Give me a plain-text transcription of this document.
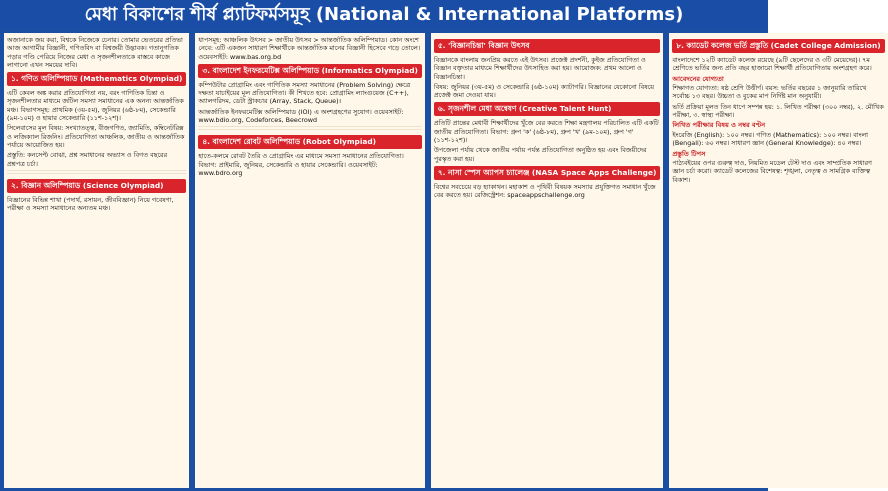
মেধা বিকাশের শীর্ষ প্ল্যাটফর্মসমূহ (National & International Platforms)

অজানাকে জয় করা, বিশ্বকে নিজেকে চেনার। তোমার ভেতরের প্রতিভা আজ আগামীর বিজ্ঞানী, গণিতবিদ বা বিশ্বজয়ী উদ্ভাবক। গতানুগতিক পড়ার গণ্ডি পেরিয়ে নিজের মেধা ও সৃজনশীলতাকে বাস্তবে কাজে লাগানো এখন সময়ের দাবি।

১. গণিত অলিম্পিয়াড (Mathematics Olympiad)

এটি কেবল অঙ্ক করার প্রতিযোগিতা নয়, বরং গাণিতিক চিন্তা ও সৃজনশীলতার মাধ্যমে জটিল সমস্যা সমাধানের এক অনন্য আন্তর্জাতিক মঞ্চ। বিভাগসমূহ: প্রাথমিক (৩য়-৫ম), জুনিয়র (৬ষ্ঠ-৮ম), সেকেন্ডারি (৯ম-১০ম) ও হায়ার সেকেন্ডারি (১১শ-১২শ)।

সিলেবাসের মূল বিষয়: সংখ্যাতত্ত্ব, বীজগণিত, জ্যামিতি, কম্বিনেটরিক্স ও লজিক্যাল রিজনিং। প্রতিযোগিতা আঞ্চলিক, জাতীয় ও আন্তর্জাতিক পর্যায়ে আয়োজিত হয়।

প্রস্তুতি: কনসেপ্ট বোঝা, প্রশ্ন সমাধানের অভ্যাস ও বিগত বছরের প্রশ্নপত্র চর্চা।

২. বিজ্ঞান অলিম্পিয়াড (Science Olympiad)

বিজ্ঞানের বিভিন্ন শাখা (পদার্থ, রসায়ন, জীববিজ্ঞান) নিয়ে গবেষণা, পরীক্ষা ও সমস্যা সমাধানের অন্যতম মঞ্চ।

ধাপসমূহ: আঞ্চলিক উৎসব > জাতীয় উৎসব > আন্তর্জাতিক অলিম্পিয়াড। কোন অংশে নেবে: এটি একজন সাধারণ শিক্ষার্থীকে আন্তর্জাতিক মানের বিজ্ঞানী হিসেবে গড়ে তোলে। ওয়েবসাইট: www.bas.org.bd

৩. বাংলাদেশ ইনফরমেটিক্স অলিম্পিয়াড (Informatics Olympiad)

কম্পিউটার প্রোগ্রামিং এবং গাণিতিক সমস্যা সমাধানের (Problem Solving) ক্ষেত্রে দক্ষতা যাচাইয়ের মূল প্রতিযোগিতা। কী শিখতে হবে: প্রোগ্রামিং ল্যাংগুয়েজ (C++), অ্যালগরিদম, ডেটা স্ট্রাকচার (Array, Stack, Queue)।

আন্তর্জাতিক ইনফরমেটিক্স অলিম্পিয়াড (IOI) এ অংশগ্রহণের সুযোগ। ওয়েবসাইট: www.bdio.org, Codeforces, Beecrowd

৪. বাংলাদেশ রোবট অলিম্পিয়াড (Robot Olympiad)

হাতে-কলমে রোবট তৈরি ও প্রোগ্রামিং এর মাধ্যমে সমস্যা সমাধানের প্রতিযোগিতা। বিভাগ: প্রাইমারি, জুনিয়র, সেকেন্ডারি ও হায়ার সেকেন্ডারি। ওয়েবসাইট: www.bdro.org

৫. 'বিজ্ঞানচিন্তা' বিজ্ঞান উৎসব

বিজ্ঞানকে বাংলায় জনপ্রিয় করতে এই উৎসব। প্রজেক্ট প্রদর্শনী, কুইজ প্রতিযোগিতা ও বিজ্ঞান বক্তৃতার মাধ্যমে শিক্ষার্থীদের উৎসাহিত করা হয়। আয়োজক: প্রথম আলো ও বিজ্ঞানচিন্তা।

বিষয়: জুনিয়র (৩য়-৫ম) ও সেকেন্ডারি (৬ষ্ঠ-১০ম) ক্যাটাগরি। বিজ্ঞানের যেকোনো বিষয়ে প্রজেক্ট জমা দেওয়া যায়।

৬. সৃজনশীল মেধা অন্বেষণ (Creative Talent Hunt)

প্রতিটি প্রান্তের মেধাবী শিক্ষার্থীদের খুঁজে বের করতে শিক্ষা মন্ত্রণালয় পরিচালিত এটি একটি জাতীয় প্রতিযোগিতা। বিভাগ: গ্রুপ 'ক' (৬ষ্ঠ-৮ম), গ্রুপ 'খ' (৯ম-১০ম), গ্রুপ 'গ' (১১শ-১২শ)।

উপজেলা পর্যায় থেকে জাতীয় পর্যায় পর্যন্ত প্রতিযোগিতা অনুষ্ঠিত হয় এবং বিজয়ীদের পুরস্কৃত করা হয়।

৭. নাসা স্পেস অ্যাপস চ্যালেঞ্জ (NASA Space Apps Challenge)

বিশ্বের সবচেয়ে বড় হ্যাকাথন। মহাকাশ ও পৃথিবী বিষয়ক সমস্যার প্রযুক্তিগত সমাধান খুঁজে বের করতে হয়। রেজিস্ট্রেশন: spaceappschallenge.org

৮. ক্যাডেট কলেজ ভর্তি প্রস্তুতি (Cadet College Admission)

বাংলাদেশে ১২টি ক্যাডেট কলেজ রয়েছে (৯টি ছেলেদের ও ৩টি মেয়েদের)। ৭ম শ্রেণিতে ভর্তির জন্য প্রতি বছর হাজারো শিক্ষার্থী প্রতিযোগিতায় অংশগ্রহণ করে।

আবেদনের যোগ্যতা

শিক্ষাগত যোগ্যতা: ষষ্ঠ শ্রেণি উত্তীর্ণ। বয়স: ভর্তির বছরের ১ জানুয়ারি তারিখে সর্বোচ্চ ১৩ বছর। উচ্চতা ও বুকের মাপ নির্দিষ্ট মান অনুযায়ী।

ভর্তি প্রক্রিয়া মূলত তিন ধাপে সম্পন্ন হয়: ১. লিখিত পরীক্ষা (৩০০ নম্বর), ২. মৌখিক পরীক্ষা, ৩. স্বাস্থ্য পরীক্ষা।

লিখিত পরীক্ষার বিষয় ও নম্বর বণ্টন

ইংরেজি (English): ১০০ নম্বর। গণিত (Mathematics): ১০০ নম্বর। বাংলা (Bengali): ৬০ নম্বর। সাধারণ জ্ঞান (General Knowledge): ৪০ নম্বর।

প্রস্তুতি টিপস

পাঠ্যবইয়ের ওপর গুরুত্ব দাও, নিয়মিত মডেল টেস্ট দাও এবং সাম্প্রতিক সাধারণ জ্ঞান চর্চা করো। ক্যাডেট কলেজের বিশেষত্ব: শৃঙ্খলা, নেতৃত্ব ও সামগ্রিক ব্যক্তিত্ব বিকাশ।
